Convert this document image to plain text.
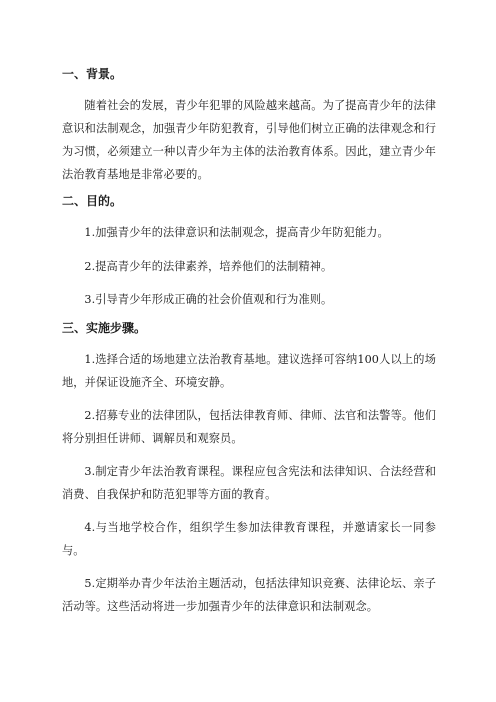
一、背景。

随着社会的发展，青少年犯罪的风险越来越高。为了提高青少年的法律意识和法制观念，加强青少年防犯教育，引导他们树立正确的法律观念和行为习惯，必须建立一种以青少年为主体的法治教育体系。因此，建立青少年法治教育基地是非常必要的。

二、目的。

1.加强青少年的法律意识和法制观念，提高青少年防犯能力。

2.提高青少年的法律素养，培养他们的法制精神。

3.引导青少年形成正确的社会价值观和行为准则。

三、实施步骤。

1.选择合适的场地建立法治教育基地。建议选择可容纳100人以上的场地，并保证设施齐全、环境安静。

2.招募专业的法律团队，包括法律教育师、律师、法官和法警等。他们将分别担任讲师、调解员和观察员。

3.制定青少年法治教育课程。课程应包含宪法和法律知识、合法经营和消费、自我保护和防范犯罪等方面的教育。

4.与当地学校合作，组织学生参加法律教育课程，并邀请家长一同参与。

5.定期举办青少年法治主题活动，包括法律知识竞赛、法律论坛、亲子活动等。这些活动将进一步加强青少年的法律意识和法制观念。
